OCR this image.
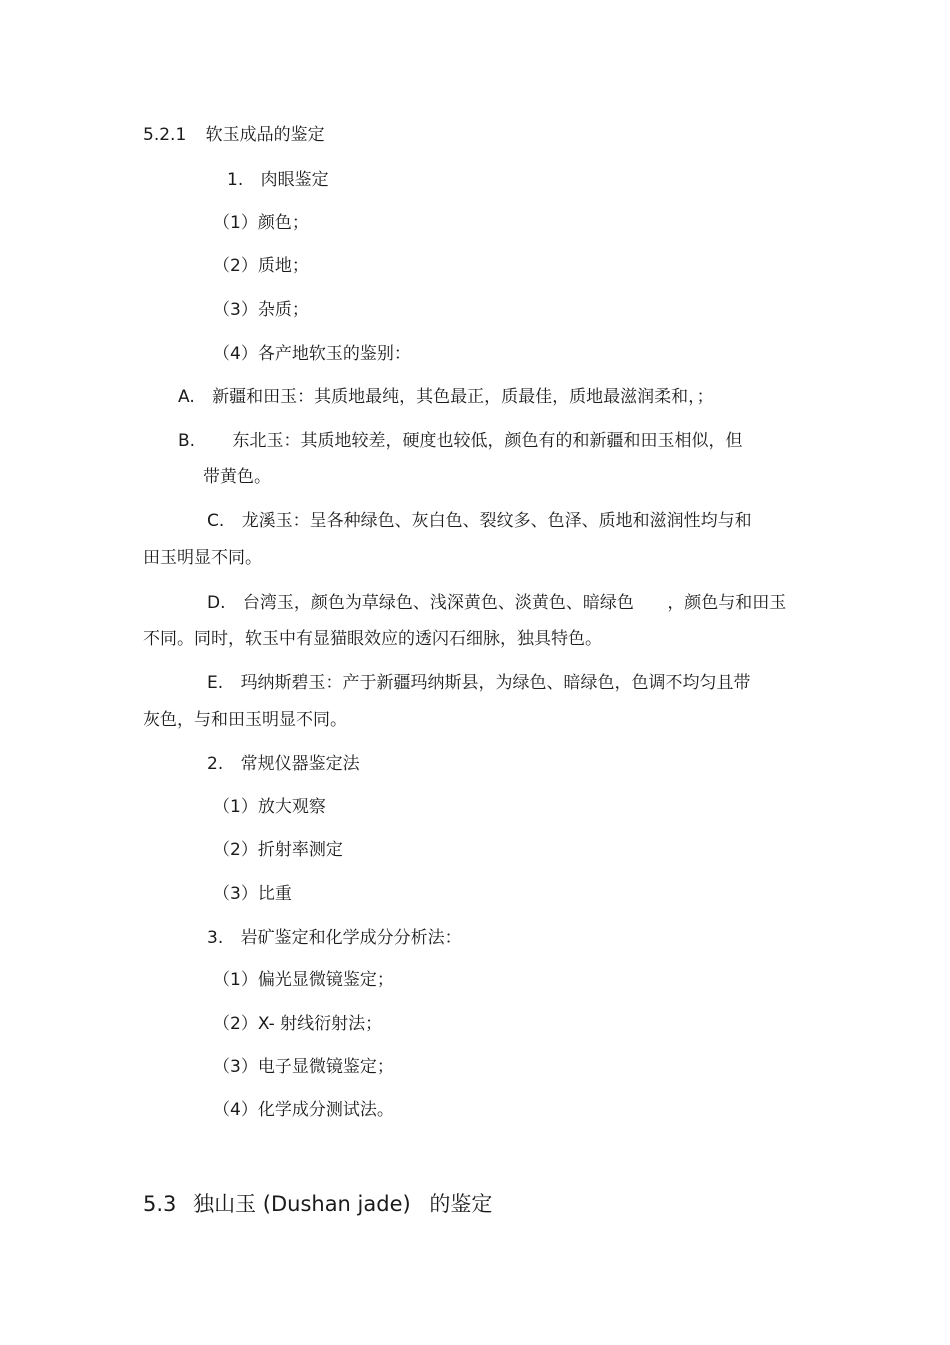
5.2.1 软玉成品的鉴定
1. 肉眼鉴定
（1）颜色；
（2）质地；
（3）杂质；
（4）各产地软玉的鉴别：
A. 新疆和田玉：其质地最纯，其色最正，质最佳，质地最滋润柔和，；
B. 东北玉：其质地较差，硬度也较低，颜色有的和新疆和田玉相似，但
带黄色。
C. 龙溪玉：呈各种绿色、灰白色、裂纹多、色泽、质地和滋润性均与和
田玉明显不同。
D. 台湾玉，颜色为草绿色、浅深黄色、淡黄色、暗绿色 ，颜色与和田玉
不同。同时，软玉中有显猫眼效应的透闪石细脉，独具特色。
E. 玛纳斯碧玉：产于新疆玛纳斯县，为绿色、暗绿色，色调不均匀且带
灰色，与和田玉明显不同。
2. 常规仪器鉴定法
（1）放大观察
（2）折射率测定
（3）比重
3. 岩矿鉴定和化学成分分析法：
（1）偏光显微镜鉴定；
（2）X- 射线衍射法；
（3）电子显微镜鉴定；
（4）化学成分测试法。
5.3 独山玉 (Dushan jade) 的鉴定
